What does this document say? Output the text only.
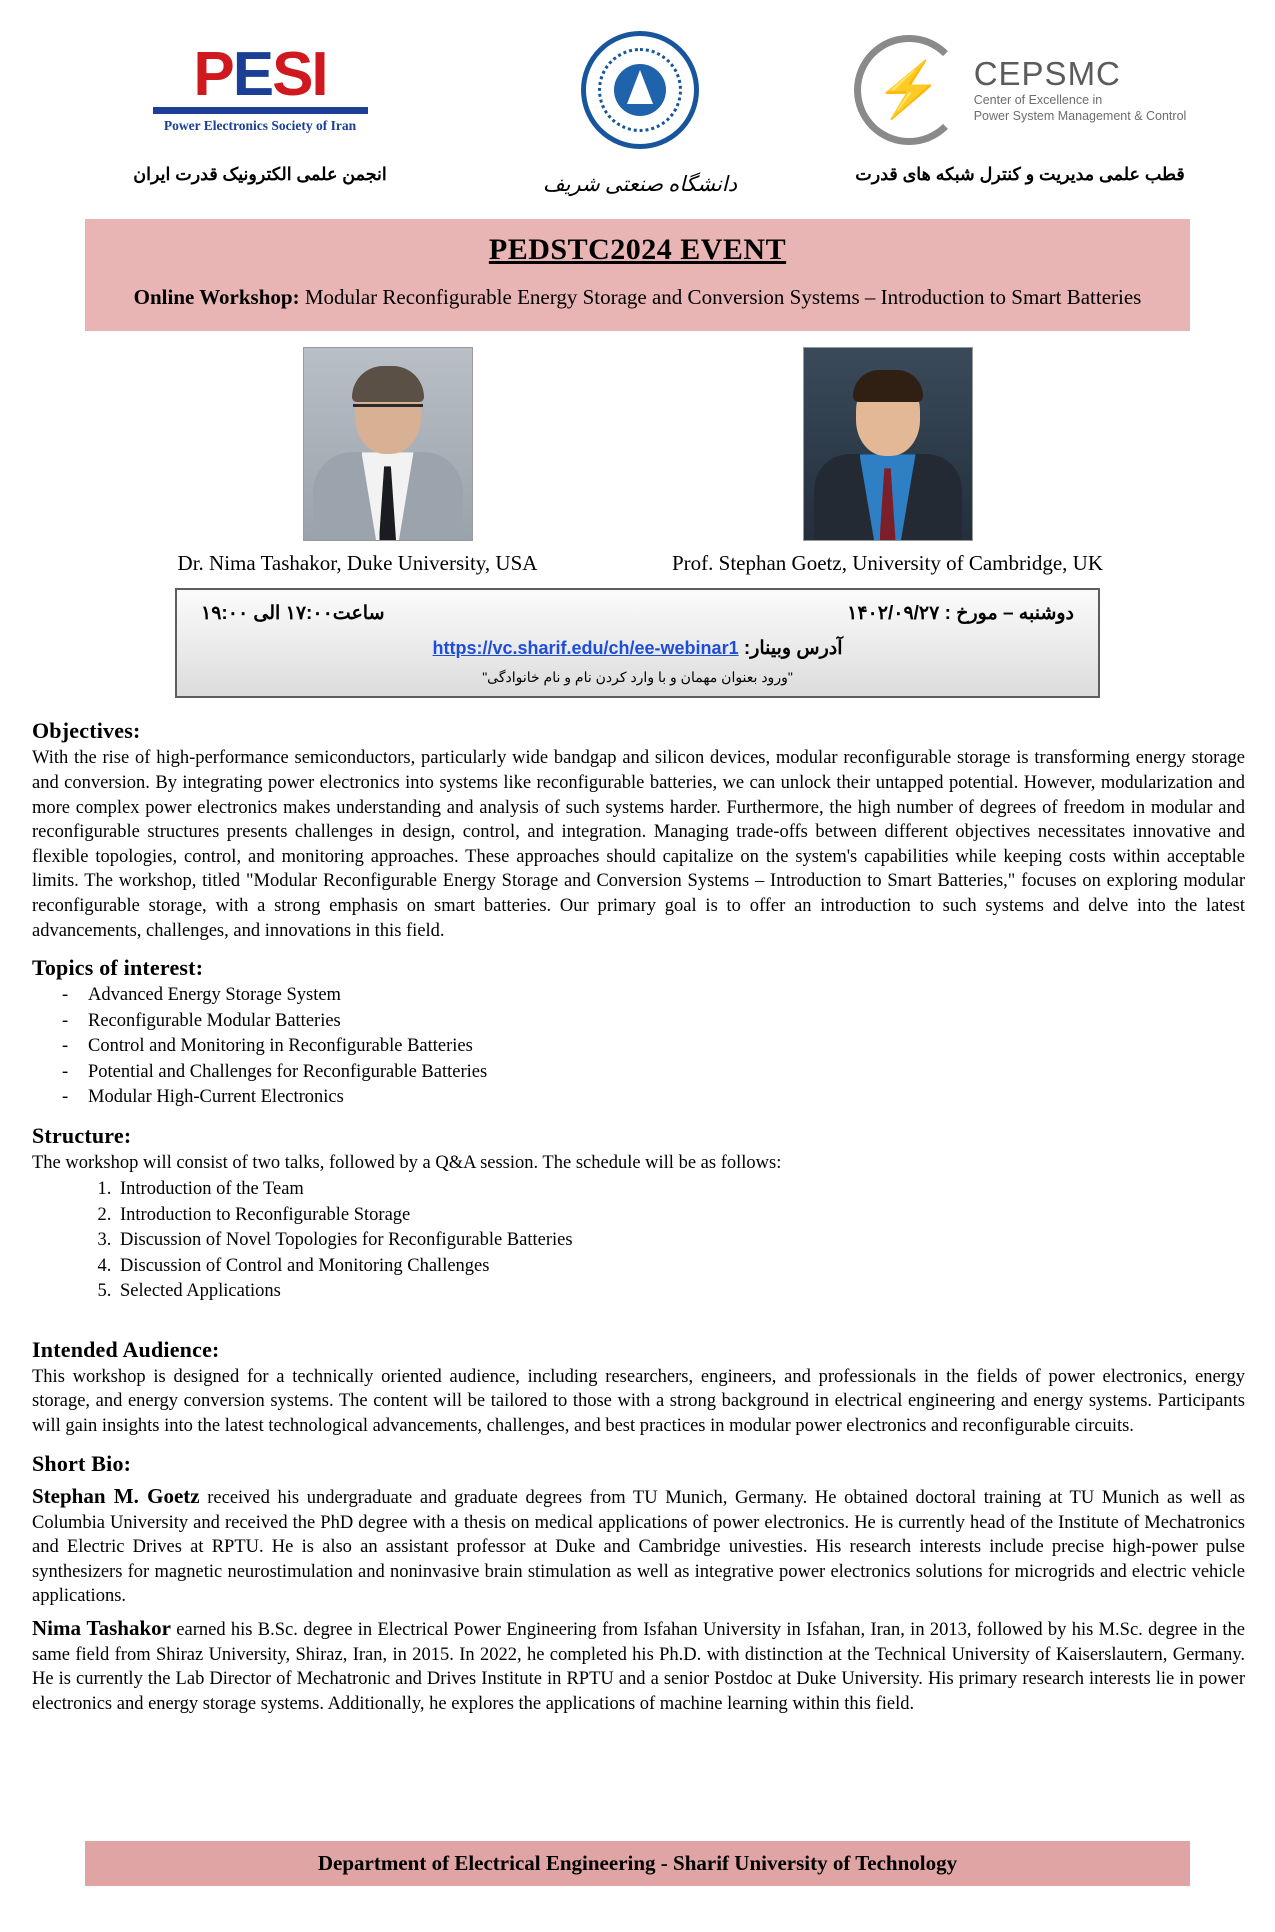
PESI
Power Electronics Society of Iran
انجمن علمی الکترونیک قدرت ایران	دانشگاه صنعتی شریف
⚡ CEPSMC
Center of Excellence in
Power System Management & Control
قطب علمی مدیریت و کنترل شبکه های قدرت
PEDSTC2024 EVENT
Online Workshop: Modular Reconfigurable Energy Storage and Conversion Systems – Introduction to Smart Batteries
Dr. Nima Tashakor, Duke University, USA	Prof. Stephan Goetz, University of Cambridge, UK
دوشنبه – مورخ : ۱۴۰۲/۰۹/۲۷
ساعت۱۷:۰۰ الی ۱۹:۰۰
آدرس وبینار: https://vc.sharif.edu/ch/ee-webinar1
"ورود بعنوان مهمان و با وارد کردن نام و نام خانوادگی"
Objectives:

With the rise of high-performance semiconductors, particularly wide bandgap and silicon devices, modular reconfigurable storage is transforming energy storage and conversion. By integrating power electronics into systems like reconfigurable batteries, we can unlock their untapped potential. However, modularization and more complex power electronics makes understanding and analysis of such systems harder. Furthermore, the high number of degrees of freedom in modular and reconfigurable structures presents challenges in design, control, and integration. Managing trade-offs between different objectives necessitates innovative and flexible topologies, control, and monitoring approaches. These approaches should capitalize on the system's capabilities while keeping costs within acceptable limits. The workshop, titled "Modular Reconfigurable Energy Storage and Conversion Systems – Introduction to Smart Batteries," focuses on exploring modular reconfigurable storage, with a strong emphasis on smart batteries. Our primary goal is to offer an introduction to such systems and delve into the latest advancements, challenges, and innovations in this field.

Topics of interest:
- Advanced Energy Storage System
- Reconfigurable Modular Batteries
- Control and Monitoring in Reconfigurable Batteries
- Potential and Challenges for Reconfigurable Batteries
- Modular High-Current Electronics
Structure:

The workshop will consist of two talks, followed by a Q&A session. The schedule will be as follows:

1. Introduction of the Team
2. Introduction to Reconfigurable Storage
3. Discussion of Novel Topologies for Reconfigurable Batteries
4. Discussion of Control and Monitoring Challenges
5. Selected Applications
Intended Audience:

This workshop is designed for a technically oriented audience, including researchers, engineers, and professionals in the fields of power electronics, energy storage, and energy conversion systems. The content will be tailored to those with a strong background in electrical engineering and energy systems. Participants will gain insights into the latest technological advancements, challenges, and best practices in modular power electronics and reconfigurable circuits.

Short Bio:

Stephan M. Goetz received his undergraduate and graduate degrees from TU Munich, Germany. He obtained doctoral training at TU Munich as well as Columbia University and received the PhD degree with a thesis on medical applications of power electronics. He is currently head of the Institute of Mechatronics and Electric Drives at RPTU. He is also an assistant professor at Duke and Cambridge univesties. His research interests include precise high-power pulse synthesizers for magnetic neurostimulation and noninvasive brain stimulation as well as integrative power electronics solutions for microgrids and electric vehicle applications.

Nima Tashakor earned his B.Sc. degree in Electrical Power Engineering from Isfahan University in Isfahan, Iran, in 2013, followed by his M.Sc. degree in the same field from Shiraz University, Shiraz, Iran, in 2015. In 2022, he completed his Ph.D. with distinction at the Technical University of Kaiserslautern, Germany. He is currently the Lab Director of Mechatronic and Drives Institute in RPTU and a senior Postdoc at Duke University. His primary research interests lie in power electronics and energy storage systems. Additionally, he explores the applications of machine learning within this field.

Department of Electrical Engineering - Sharif University of Technology
